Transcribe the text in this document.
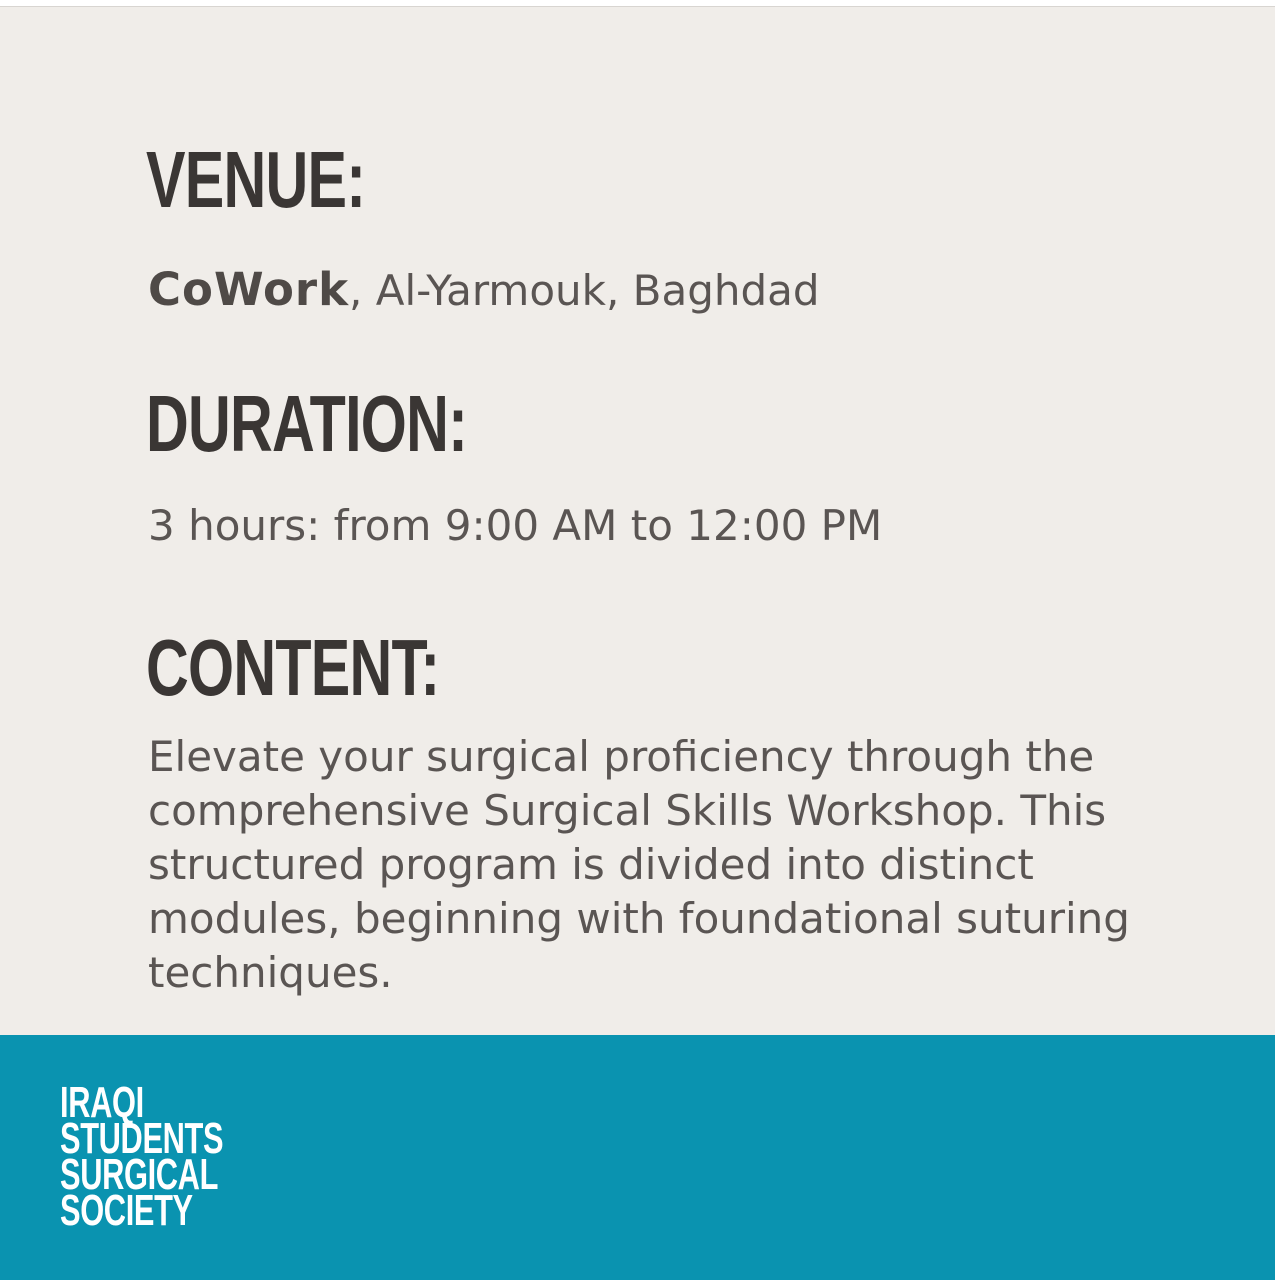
VENUE:

CoWork, Al-Yarmouk, Baghdad

DURATION:

3 hours: from 9:00 AM to 12:00 PM

CONTENT:

Elevate your surgical proficiency through the comprehensive Surgical Skills Workshop. This structured program is divided into distinct modules, beginning with foundational suturing techniques.

IRAQI
STUDENTS
SURGICAL
SOCIETY
